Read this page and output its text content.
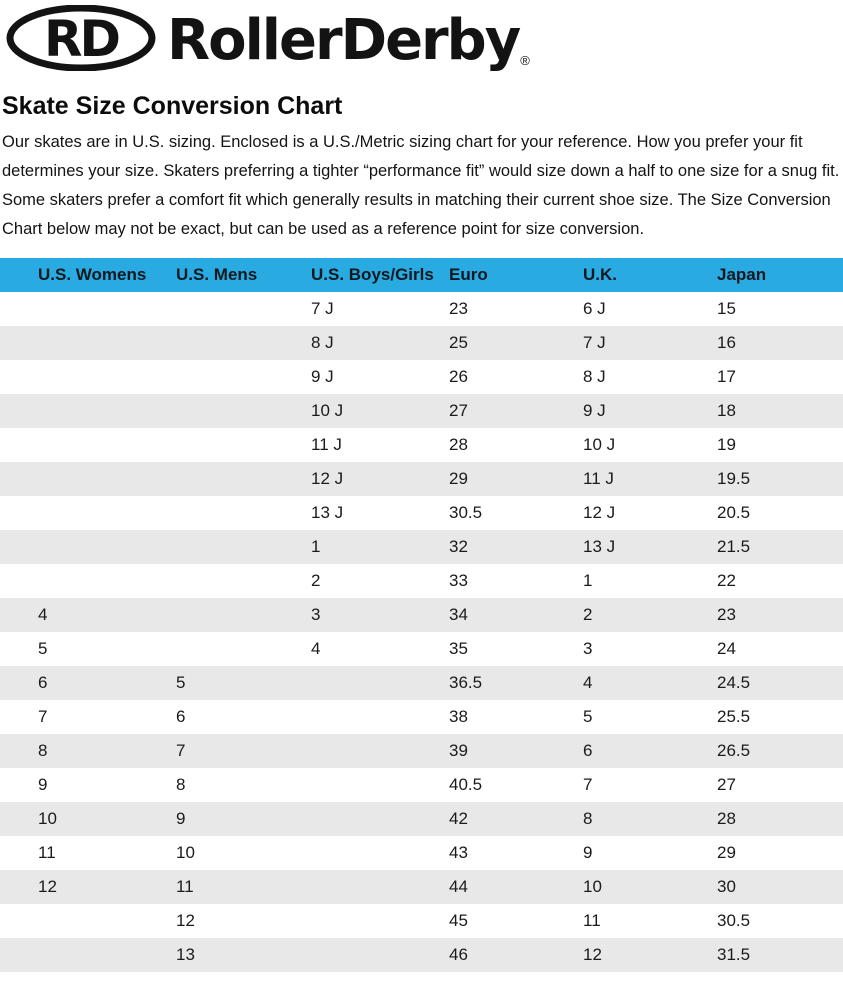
RD RollerDerby ®
Skate Size Conversion Chart

Our skates are in U.S. sizing. Enclosed is a U.S./Metric sizing chart for your reference. How you prefer your fit determines your size. Skaters preferring a tighter “performance fit” would size down a half to one size for a snug fit. Some skaters prefer a comfort fit which generally results in matching their current shoe size. The Size Conversion Chart below may not be exact, but can be used as a reference point for size conversion.

U.S. Womens	U.S. Mens	U.S. Boys/Girls	Euro	U.K.	Japan
		7 J	23	6 J	15
		8 J	25	7 J	16
		9 J	26	8 J	17
		10 J	27	9 J	18
		11 J	28	10 J	19
		12 J	29	11 J	19.5
		13 J	30.5	12 J	20.5
		1	32	13 J	21.5
		2	33	1	22
4		3	34	2	23
5		4	35	3	24
6	5		36.5	4	24.5
7	6		38	5	25.5
8	7		39	6	26.5
9	8		40.5	7	27
10	9		42	8	28
11	10		43	9	29
12	11		44	10	30
	12		45	11	30.5
	13		46	12	31.5
